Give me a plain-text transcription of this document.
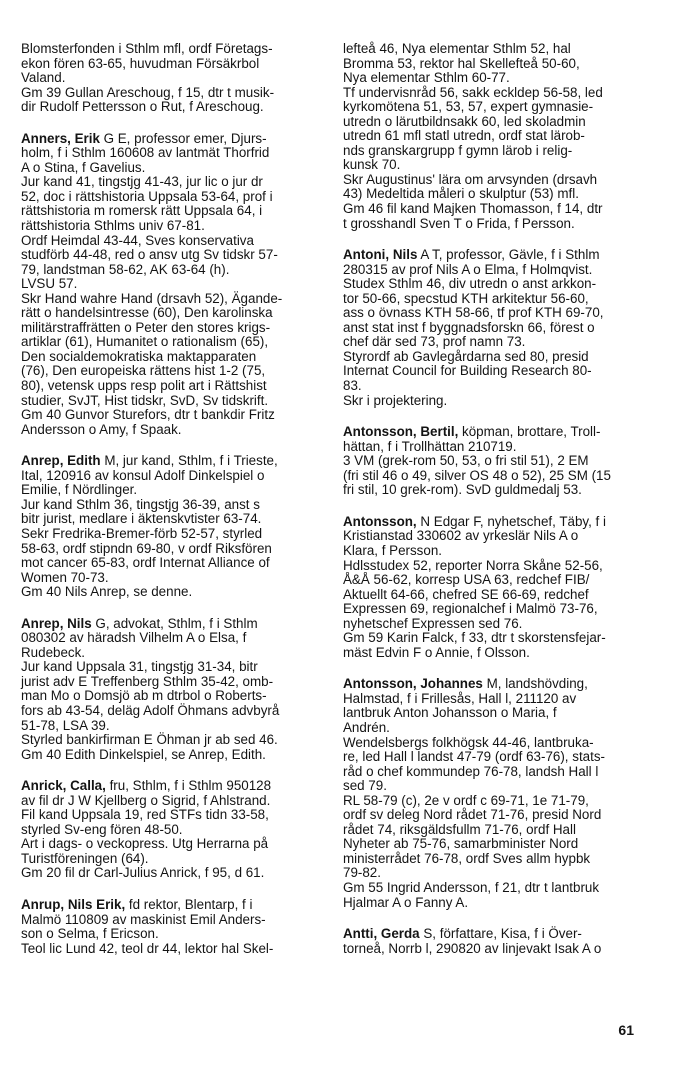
Blomsterfonden i Sthlm mfl, ordf Företags-
ekon fören 63-65, huvudman Försäkrbol
Valand.
Gm 39 Gullan Areschoug, f 15, dtr t musik-
dir Rudolf Pettersson o Rut, f Areschoug.
Anners, Erik G E, professor emer, Djurs-
holm, f i Sthlm 160608 av lantmät Thorfrid
A o Stina, f Gavelius.
Jur kand 41, tingstjg 41-43, jur lic o jur dr
52, doc i rättshistoria Uppsala 53-64, prof i
rättshistoria m romersk rätt Uppsala 64, i
rättshistoria Sthlms univ 67-81.
Ordf Heimdal 43-44, Sves konservativa
studförb 44-48, red o ansv utg Sv tidskr 57-
79, landstman 58-62, AK 63-64 (h).
LVSU 57.
Skr Hand wahre Hand (drsavh 52), Ägande-
rätt o handelsintresse (60), Den karolinska
militärstraffrätten o Peter den stores krigs-
artiklar (61), Humanitet o rationalism (65),
Den socialdemokratiska maktapparaten
(76), Den europeiska rättens hist 1-2 (75,
80), vetensk upps resp polit art i Rättshist
studier, SvJT, Hist tidskr, SvD, Sv tidskrift.
Gm 40 Gunvor Sturefors, dtr t bankdir Fritz
Andersson o Amy, f Spaak.
Anrep, Edith M, jur kand, Sthlm, f i Trieste,
Ital, 120916 av konsul Adolf Dinkelspiel o
Emilie, f Nördlinger.
Jur kand Sthlm 36, tingstjg 36-39, anst s
bitr jurist, medlare i äktenskvtister 63-74.
Sekr Fredrika-Bremer-förb 52-57, styrled
58-63, ordf stipndn 69-80, v ordf Riksfören
mot cancer 65-83, ordf Internat Alliance of
Women 70-73.
Gm 40 Nils Anrep, se denne.
Anrep, Nils G, advokat, Sthlm, f i Sthlm
080302 av häradsh Vilhelm A o Elsa, f
Rudebeck.
Jur kand Uppsala 31, tingstjg 31-34, bitr
jurist adv E Treffenberg Sthlm 35-42, omb-
man Mo o Domsjö ab m dtrbol o Roberts-
fors ab 43-54, deläg Adolf Öhmans advbyrå
51-78, LSA 39.
Styrled bankirfirman E Öhman jr ab sed 46.
Gm 40 Edith Dinkelspiel, se Anrep, Edith.
Anrick, Calla, fru, Sthlm, f i Sthlm 950128
av fil dr J W Kjellberg o Sigrid, f Ahlstrand.
Fil kand Uppsala 19, red STFs tidn 33-58,
styrled Sv-eng fören 48-50.
Art i dags- o veckopress. Utg Herrarna på
Turistföreningen (64).
Gm 20 fil dr Carl-Julius Anrick, f 95, d 61.
Anrup, Nils Erik, fd rektor, Blentarp, f i
Malmö 110809 av maskinist Emil Anders-
son o Selma, f Ericson.
Teol lic Lund 42, teol dr 44, lektor hal Skel-
lefteå 46, Nya elementar Sthlm 52, hal
Bromma 53, rektor hal Skellefteå 50-60,
Nya elementar Sthlm 60-77.
Tf undervisnråd 56, sakk eckldep 56-58, led
kyrkomötena 51, 53, 57, expert gymnasie-
utredn o lärutbildnsakk 60, led skoladmin
utredn 61 mfl statl utredn, ordf stat lärob-
nds granskargrupp f gymn lärob i relig-
kunsk 70.
Skr Augustinus' lära om arvsynden (drsavh
43) Medeltida måleri o skulptur (53) mfl.
Gm 46 fil kand Majken Thomasson, f 14, dtr
t grosshandl Sven T o Frida, f Persson.
Antoni, Nils A T, professor, Gävle, f i Sthlm
280315 av prof Nils A o Elma, f Holmqvist.
Studex Sthlm 46, div utredn o anst arkkon-
tor 50-66, specstud KTH arkitektur 56-60,
ass o övnass KTH 58-66, tf prof KTH 69-70,
anst stat inst f byggnadsforskn 66, förest o
chef där sed 73, prof namn 73.
Styrordf ab Gavlegårdarna sed 80, presid
Internat Council for Building Research 80-
83.
Skr i projektering.
Antonsson, Bertil, köpman, brottare, Troll-
hättan, f i Trollhättan 210719.
3 VM (grek-rom 50, 53, o fri stil 51), 2 EM
(fri stil 46 o 49, silver OS 48 o 52), 25 SM (15
fri stil, 10 grek-rom). SvD guldmedalj 53.
Antonsson, N Edgar F, nyhetschef, Täby, f i
Kristianstad 330602 av yrkeslär Nils A o
Klara, f Persson.
Hdlsstudex 52, reporter Norra Skåne 52-56,
Å&Å 56-62, korresp USA 63, redchef FIB/
Aktuellt 64-66, chefred SE 66-69, redchef
Expressen 69, regionalchef i Malmö 73-76,
nyhetschef Expressen sed 76.
Gm 59 Karin Falck, f 33, dtr t skorstensfejar-
mäst Edvin F o Annie, f Olsson.
Antonsson, Johannes M, landshövding,
Halmstad, f i Frillesås, Hall l, 211120 av
lantbruk Anton Johansson o Maria, f
Andrén.
Wendelsbergs folkhögsk 44-46, lantbruka-
re, led Hall l landst 47-79 (ordf 63-76), stats-
råd o chef kommundep 76-78, landsh Hall l
sed 79.
RL 58-79 (c), 2e v ordf c 69-71, 1e 71-79,
ordf sv deleg Nord rådet 71-76, presid Nord
rådet 74, riksgäldsfullm 71-76, ordf Hall
Nyheter ab 75-76, samarbminister Nord
ministerrådet 76-78, ordf Sves allm hypbk
79-82.
Gm 55 Ingrid Andersson, f 21, dtr t lantbruk
Hjalmar A o Fanny A.
Antti, Gerda S, författare, Kisa, f i Över-
torneå, Norrb l, 290820 av linjevakt Isak A o
61
